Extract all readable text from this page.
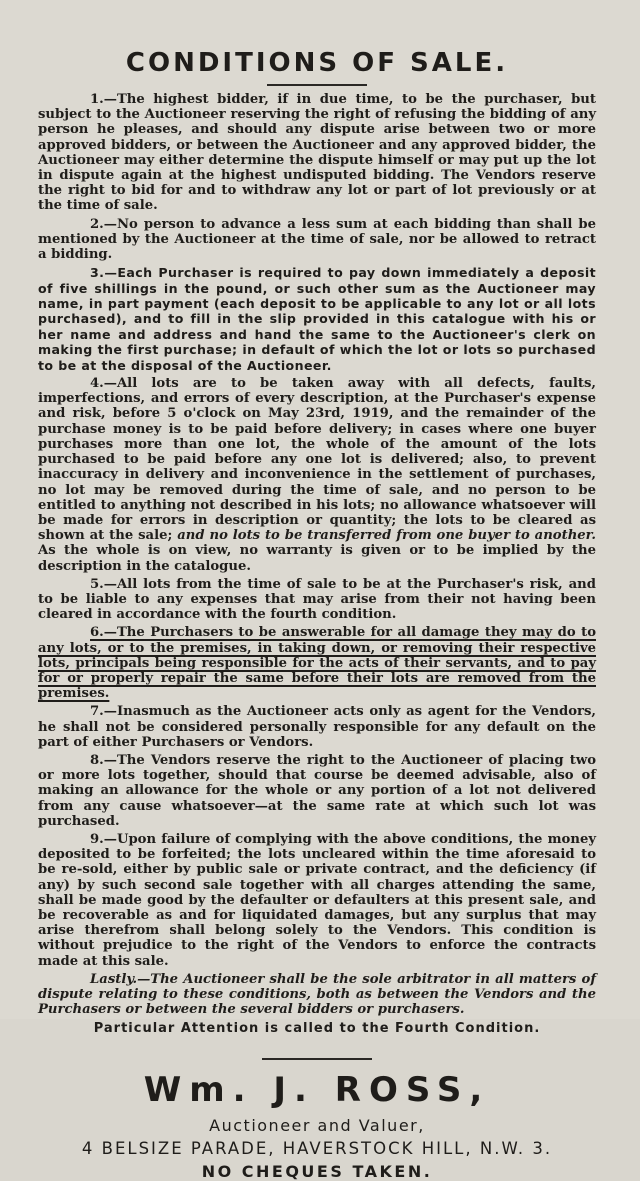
CONDITIONS OF SALE.

1.—The highest bidder, if in due time, to be the purchaser, but subject to the Auctioneer reserving the right of refusing the bidding of any person he pleases, and should any dispute arise between two or more approved bidders, or between the Auctioneer and any approved bidder, the Auctioneer may either determine the dispute himself or may put up the lot in dispute again at the highest undisputed bidding. The Vendors reserve the right to bid for and to withdraw any lot or part of lot previously or at the time of sale.

2.—No person to advance a less sum at each bidding than shall be mentioned by the Auctioneer at the time of sale, nor be allowed to retract a bidding.

3.—Each Purchaser is required to pay down immediately a deposit of five shillings in the pound, or such other sum as the Auctioneer may name, in part payment (each deposit to be applicable to any lot or all lots purchased), and to fill in the slip provided in this catalogue with his or her name and address and hand the same to the Auctioneer's clerk on making the first purchase; in default of which the lot or lots so purchased to be at the disposal of the Auctioneer.

4.—All lots are to be taken away with all defects, faults, imperfections, and errors of every description, at the Purchaser's expense and risk, before 5 o'clock on May 23rd, 1919, and the remainder of the purchase money is to be paid before delivery; in cases where one buyer purchases more than one lot, the whole of the amount of the lots purchased to be paid before any one lot is delivered; also, to prevent inaccuracy in delivery and inconvenience in the settlement of purchases, no lot may be removed during the time of sale, and no person to be entitled to anything not described in his lots; no allowance whatsoever will be made for errors in description or quantity; the lots to be cleared as shown at the sale; and no lots to be transferred from one buyer to another. As the whole is on view, no warranty is given or to be implied by the description in the catalogue.

5.—All lots from the time of sale to be at the Purchaser's risk, and to be liable to any expenses that may arise from their not having been cleared in accordance with the fourth condition.

6.—The Purchasers to be answerable for all damage they may do to any lots, or to the premises, in taking down, or removing their respective lots, principals being responsible for the acts of their servants, and to pay for or properly repair the same before their lots are removed from the premises.

7.—Inasmuch as the Auctioneer acts only as agent for the Vendors, he shall not be considered personally responsible for any default on the part of either Purchasers or Vendors.

8.—The Vendors reserve the right to the Auctioneer of placing two or more lots together, should that course be deemed advisable, also of making an allowance for the whole or any portion of a lot not delivered from any cause whatsoever—at the same rate at which such lot was purchased.

9.—Upon failure of complying with the above conditions, the money deposited to be forfeited; the lots uncleared within the time aforesaid to be re-sold, either by public sale or private contract, and the deficiency (if any) by such second sale together with all charges attending the same, shall be made good by the defaulter or defaulters at this present sale, and be recoverable as and for liquidated damages, but any surplus that may arise therefrom shall belong solely to the Vendors. This condition is without prejudice to the right of the Vendors to enforce the contracts made at this sale.

Lastly.—The Auctioneer shall be the sole arbitrator in all matters of dispute relating to these conditions, both as between the Vendors and the Purchasers or between the several bidders or purchasers.

Particular Attention is called to the Fourth Condition.

Wm. J. ROSS,

Auctioneer and Valuer,

4 BELSIZE PARADE, HAVERSTOCK HILL, N.W. 3.

NO CHEQUES TAKEN.
